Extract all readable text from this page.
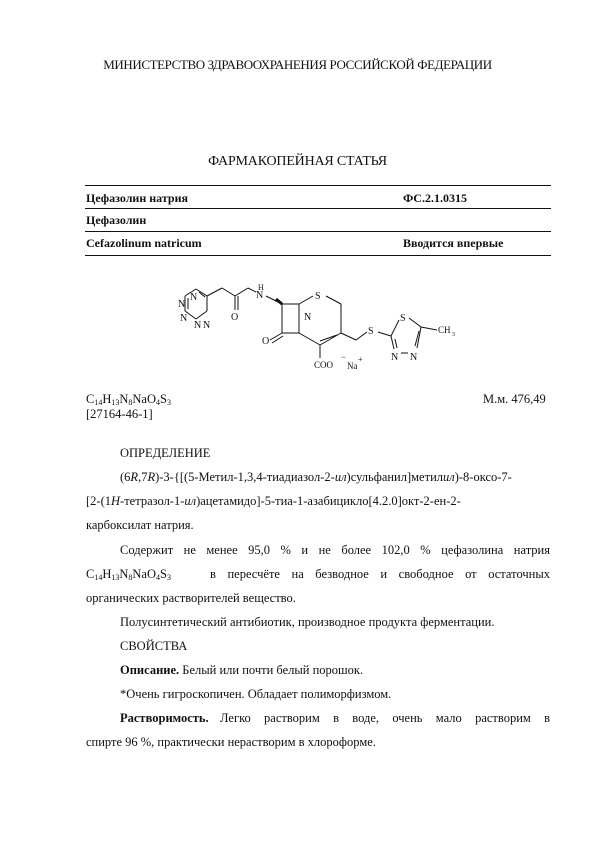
МИНИСТЕРСТВО ЗДРАВООХРАНЕНИЯ РОССИЙСКОЙ ФЕДЕРАЦИИ
ФАРМАКОПЕЙНАЯ СТАТЬЯ
Цефазолин натрия	ФС.2.1.0315
Цефазолин
Cefazolinum natricum	Вводится впервые
N
N
N
N N
O
N
H
S
N
O
COO
−
Na
+
S
S
N N
CH 3
$C_{14}H_{13}N_8NaO_4S_3$	М.м. 476,49
[27164-46-1]
ОПРЕДЕЛЕНИЕ
(6R,7R)-3-{[(5-Метил-1,3,4-тиадиазол-2-ил)сульфанил]метилил)-8-оксо-7-
[2-(1H-тетразол-1-ил)ацетамидо]-5-тиа-1-азабицикло[4.2.0]окт-2-ен-2-
карбоксилат натрия.
Содержит не менее 95,0 % и не более 102,0 % цефазолина натрия
$C_{14}H_{13}N_8NaO_4S_3$	в пересчёте на безводное и свободное от остаточных
органических растворителей вещество.
Полусинтетический антибиотик, производное продукта ферментации.
СВОЙСТВА
Описание. Белый или почти белый порошок.
*Очень гигроскопичен. Обладает полиморфизмом.
Растворимость. Легко растворим в воде, очень мало растворим в
спирте 96 %, практически нерастворим в хлороформе.
